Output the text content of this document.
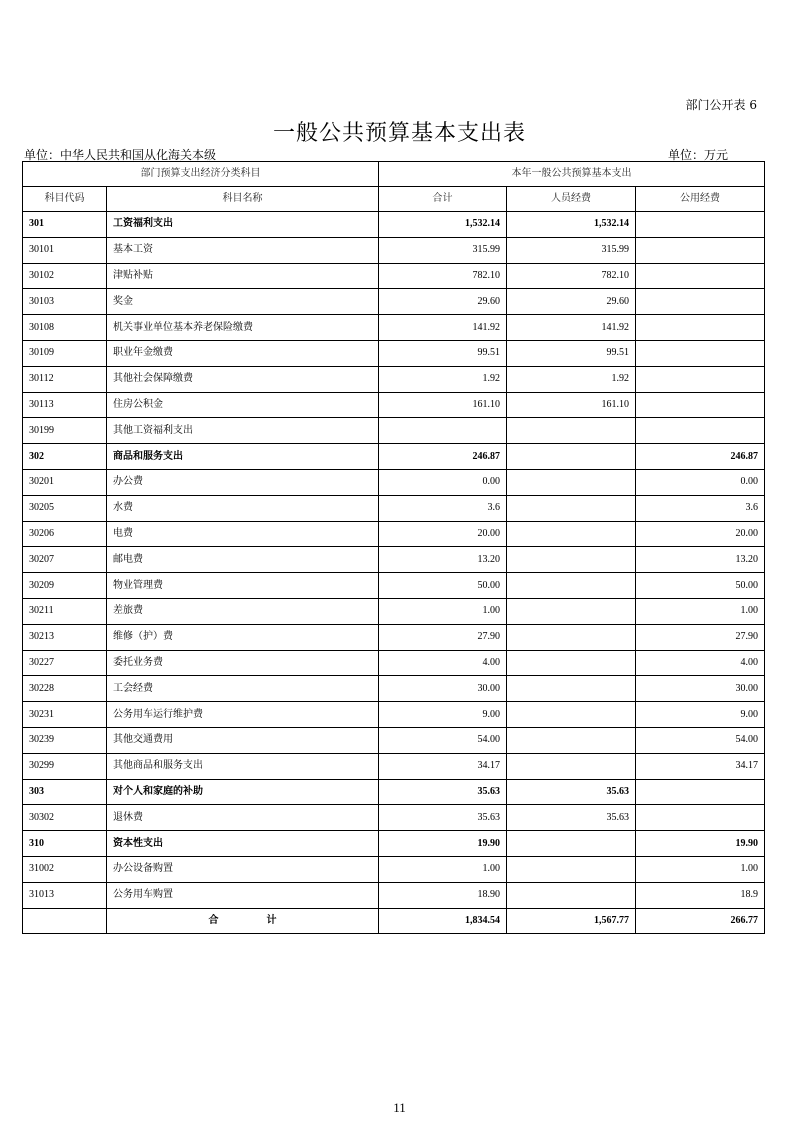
部门公开表 6
一般公共预算基本支出表
单位：中华人民共和国从化海关本级	单位：万元
部门预算支出经济分类科目		本年一般公共预算基本支出		
科目代码	科目名称	合计	人员经费	公用经费
301	工资福利支出	1,532.14	1,532.14	
30101	基本工资	315.99	315.99	
30102	津贴补贴	782.10	782.10	
30103	奖金	29.60	29.60	
30108	机关事业单位基本养老保险缴费	141.92	141.92	
30109	职业年金缴费	99.51	99.51	
30112	其他社会保障缴费	1.92	1.92	
30113	住房公积金	161.10	161.10	
30199	其他工资福利支出			
302	商品和服务支出	246.87		246.87
30201	办公费	0.00		0.00
30205	水费	3.6		3.6
30206	电费	20.00		20.00
30207	邮电费	13.20		13.20
30209	物业管理费	50.00		50.00
30211	差旅费	1.00		1.00
30213	维修（护）费	27.90		27.90
30227	委托业务费	4.00		4.00
30228	工会经费	30.00		30.00
30231	公务用车运行维护费	9.00		9.00
30239	其他交通费用	54.00		54.00
30299	其他商品和服务支出	34.17		34.17
303	对个人和家庭的补助	35.63	35.63	
30302	退休费	35.63	35.63	
310	资本性支出	19.90		19.90
31002	办公设备购置	1.00		1.00
31013	公务用车购置	18.90		18.9
	合 计	1,834.54	1,567.77	266.77
11
